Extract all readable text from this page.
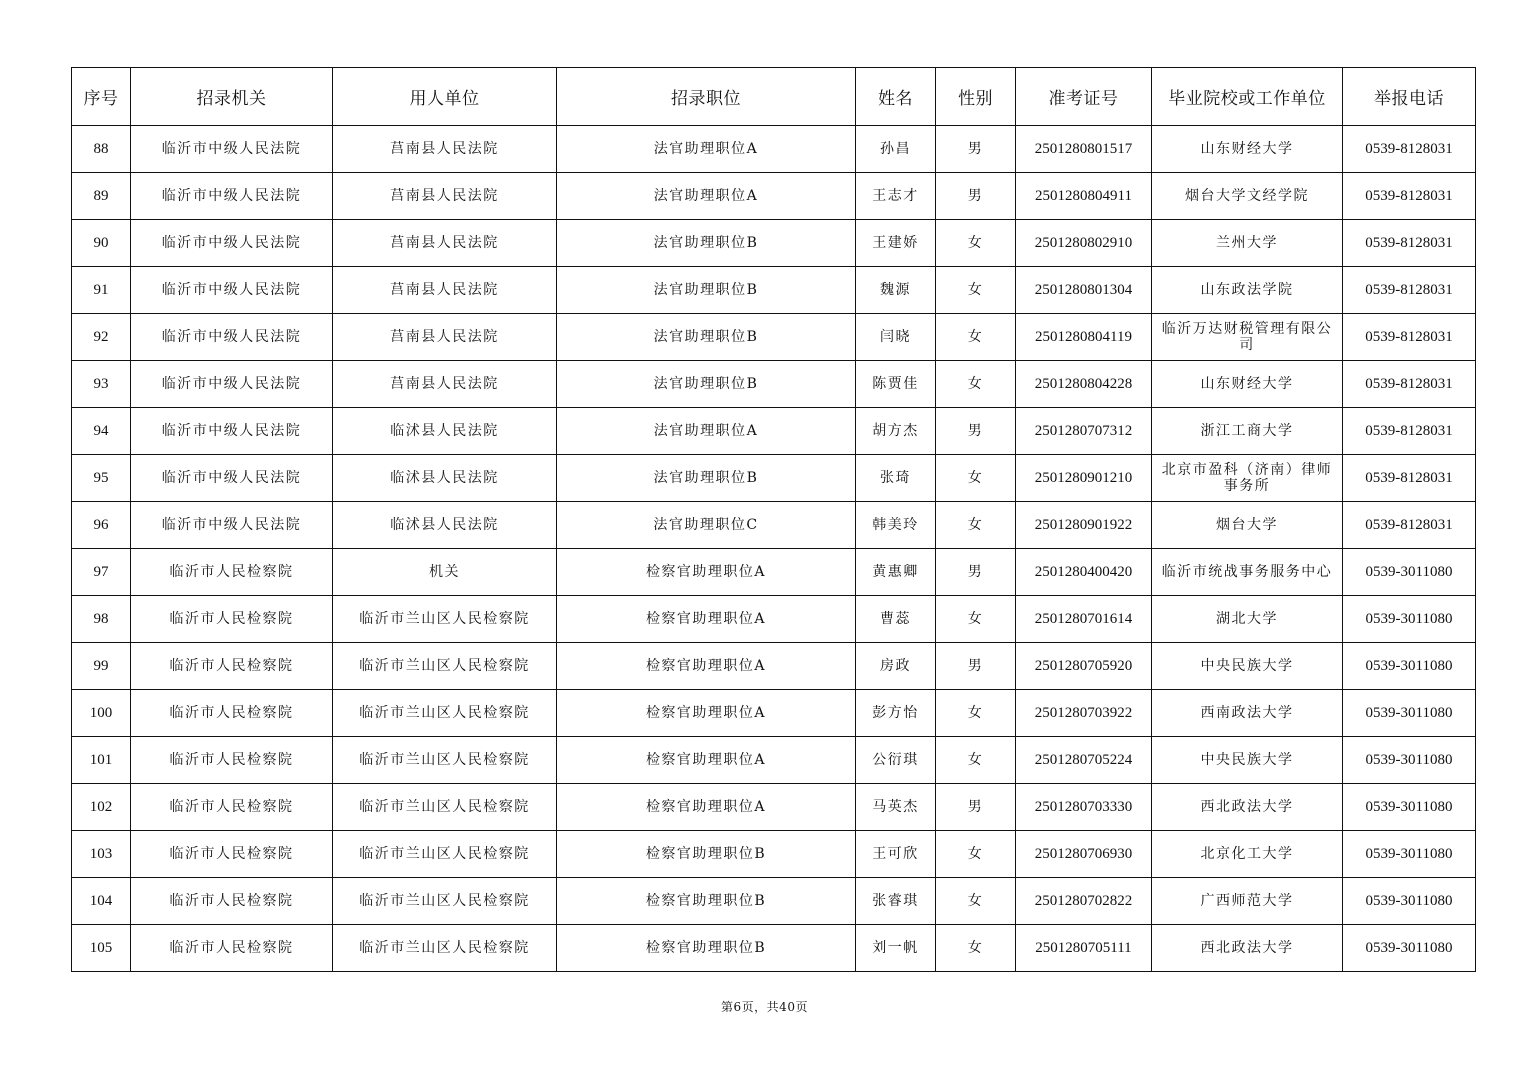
序号	招录机关	用人单位	招录职位	姓名	性别	准考证号	毕业院校或工作单位	举报电话
88	临沂市中级人民法院	莒南县人民法院	法官助理职位A	孙昌	男	2501280801517	山东财经大学	0539-8128031
89	临沂市中级人民法院	莒南县人民法院	法官助理职位A	王志才	男	2501280804911	烟台大学文经学院	0539-8128031
90	临沂市中级人民法院	莒南县人民法院	法官助理职位B	王建娇	女	2501280802910	兰州大学	0539-8128031
91	临沂市中级人民法院	莒南县人民法院	法官助理职位B	魏源	女	2501280801304	山东政法学院	0539-8128031
92	临沂市中级人民法院	莒南县人民法院	法官助理职位B	闫晓	女	2501280804119	临沂万达财税管理有限公司	0539-8128031
93	临沂市中级人民法院	莒南县人民法院	法官助理职位B	陈贾佳	女	2501280804228	山东财经大学	0539-8128031
94	临沂市中级人民法院	临沭县人民法院	法官助理职位A	胡方杰	男	2501280707312	浙江工商大学	0539-8128031
95	临沂市中级人民法院	临沭县人民法院	法官助理职位B	张琦	女	2501280901210	北京市盈科（济南）律师事务所	0539-8128031
96	临沂市中级人民法院	临沭县人民法院	法官助理职位C	韩美玲	女	2501280901922	烟台大学	0539-8128031
97	临沂市人民检察院	机关	检察官助理职位A	黄惠卿	男	2501280400420	临沂市统战事务服务中心	0539-3011080
98	临沂市人民检察院	临沂市兰山区人民检察院	检察官助理职位A	曹蕊	女	2501280701614	湖北大学	0539-3011080
99	临沂市人民检察院	临沂市兰山区人民检察院	检察官助理职位A	房政	男	2501280705920	中央民族大学	0539-3011080
100	临沂市人民检察院	临沂市兰山区人民检察院	检察官助理职位A	彭方怡	女	2501280703922	西南政法大学	0539-3011080
101	临沂市人民检察院	临沂市兰山区人民检察院	检察官助理职位A	公衍琪	女	2501280705224	中央民族大学	0539-3011080
102	临沂市人民检察院	临沂市兰山区人民检察院	检察官助理职位A	马英杰	男	2501280703330	西北政法大学	0539-3011080
103	临沂市人民检察院	临沂市兰山区人民检察院	检察官助理职位B	王可欣	女	2501280706930	北京化工大学	0539-3011080
104	临沂市人民检察院	临沂市兰山区人民检察院	检察官助理职位B	张睿琪	女	2501280702822	广西师范大学	0539-3011080
105	临沂市人民检察院	临沂市兰山区人民检察院	检察官助理职位B	刘一帆	女	2501280705111	西北政法大学	0539-3011080
第6页，共40页
